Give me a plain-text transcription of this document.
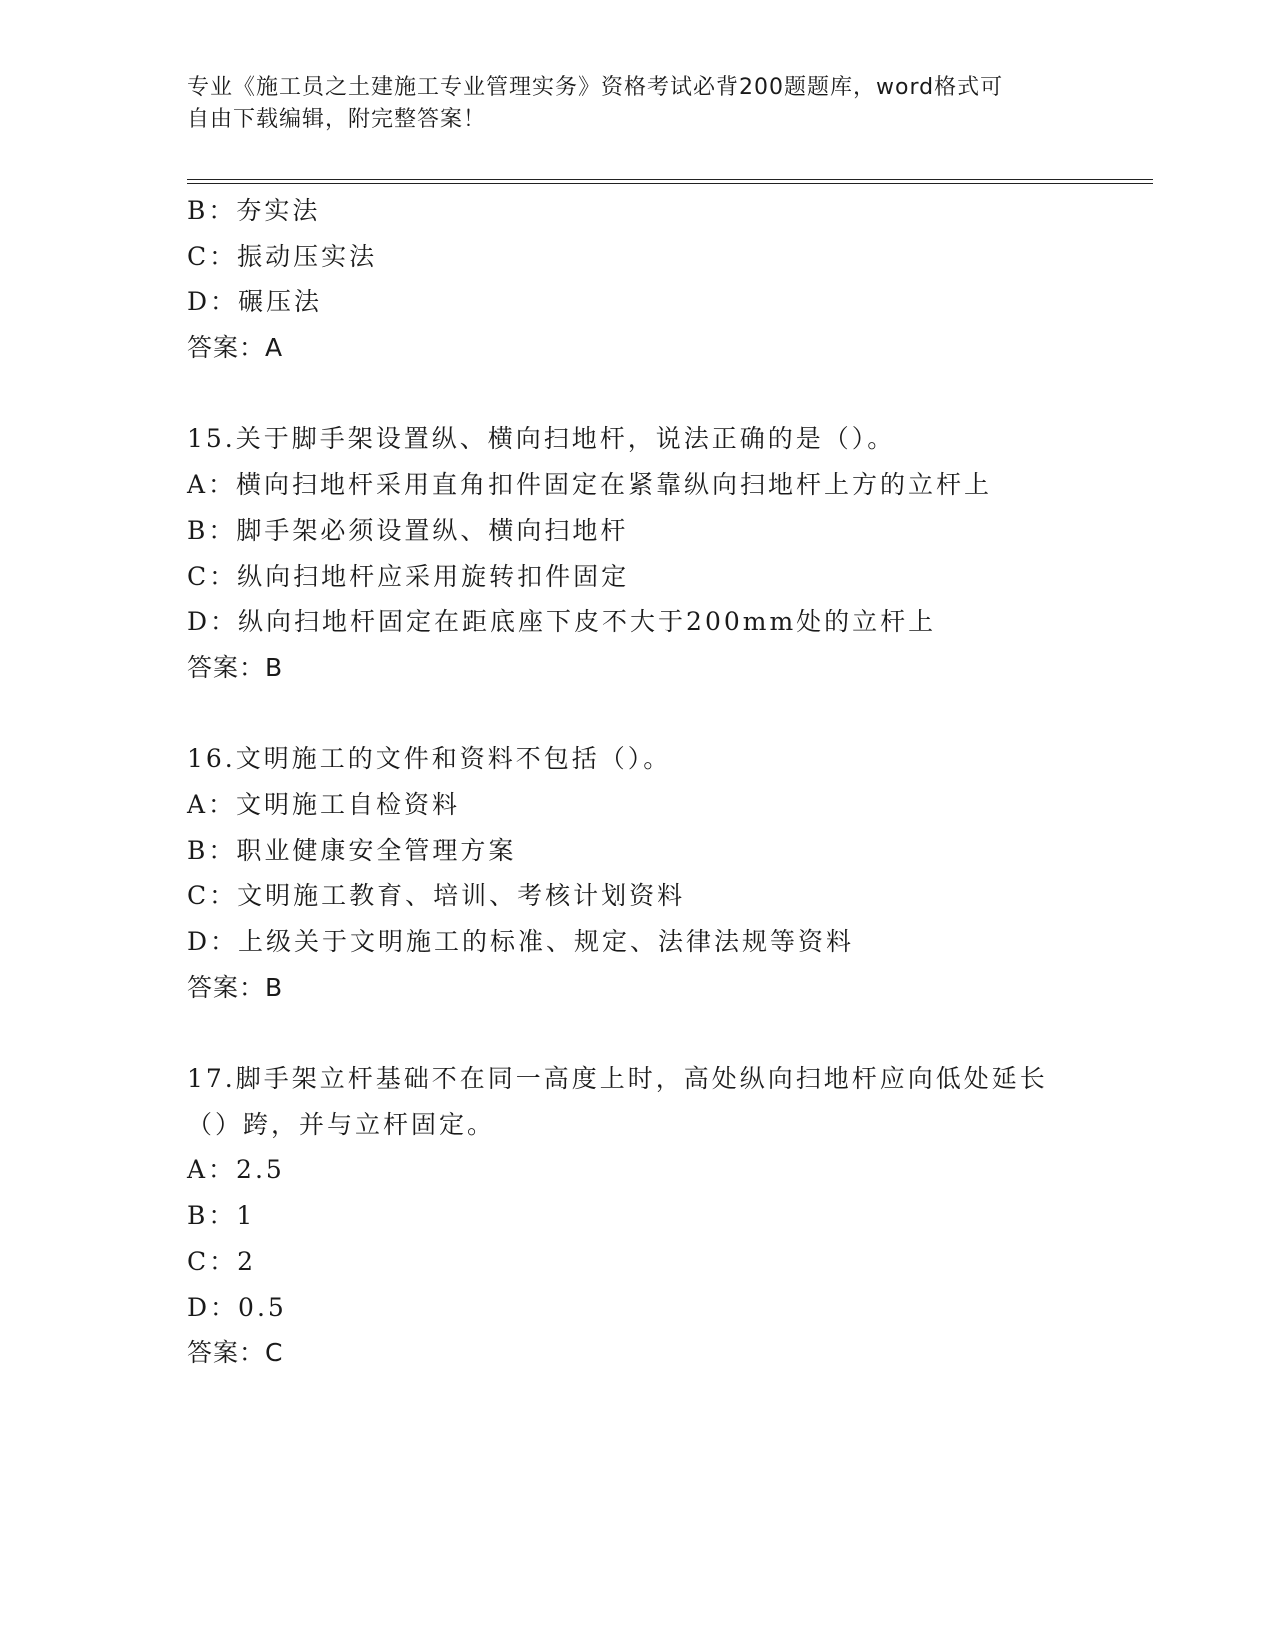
专业《施工员之土建施工专业管理实务》资格考试必背200题题库，word格式可
自由下载编辑，附完整答案！
B：夯实法
C：振动压实法
D：碾压法
答案：A
15.关于脚手架设置纵、横向扫地杆，说法正确的是（）。
A：横向扫地杆采用直角扣件固定在紧靠纵向扫地杆上方的立杆上
B：脚手架必须设置纵、横向扫地杆
C：纵向扫地杆应采用旋转扣件固定
D：纵向扫地杆固定在距底座下皮不大于200mm处的立杆上
答案：B
16.文明施工的文件和资料不包括（）。
A：文明施工自检资料
B：职业健康安全管理方案
C：文明施工教育、培训、考核计划资料
D：上级关于文明施工的标准、规定、法律法规等资料
答案：B
17.脚手架立杆基础不在同一高度上时，高处纵向扫地杆应向低处延长
（）跨，并与立杆固定。
A：2.5
B：1
C：2
D：0.5
答案：C
